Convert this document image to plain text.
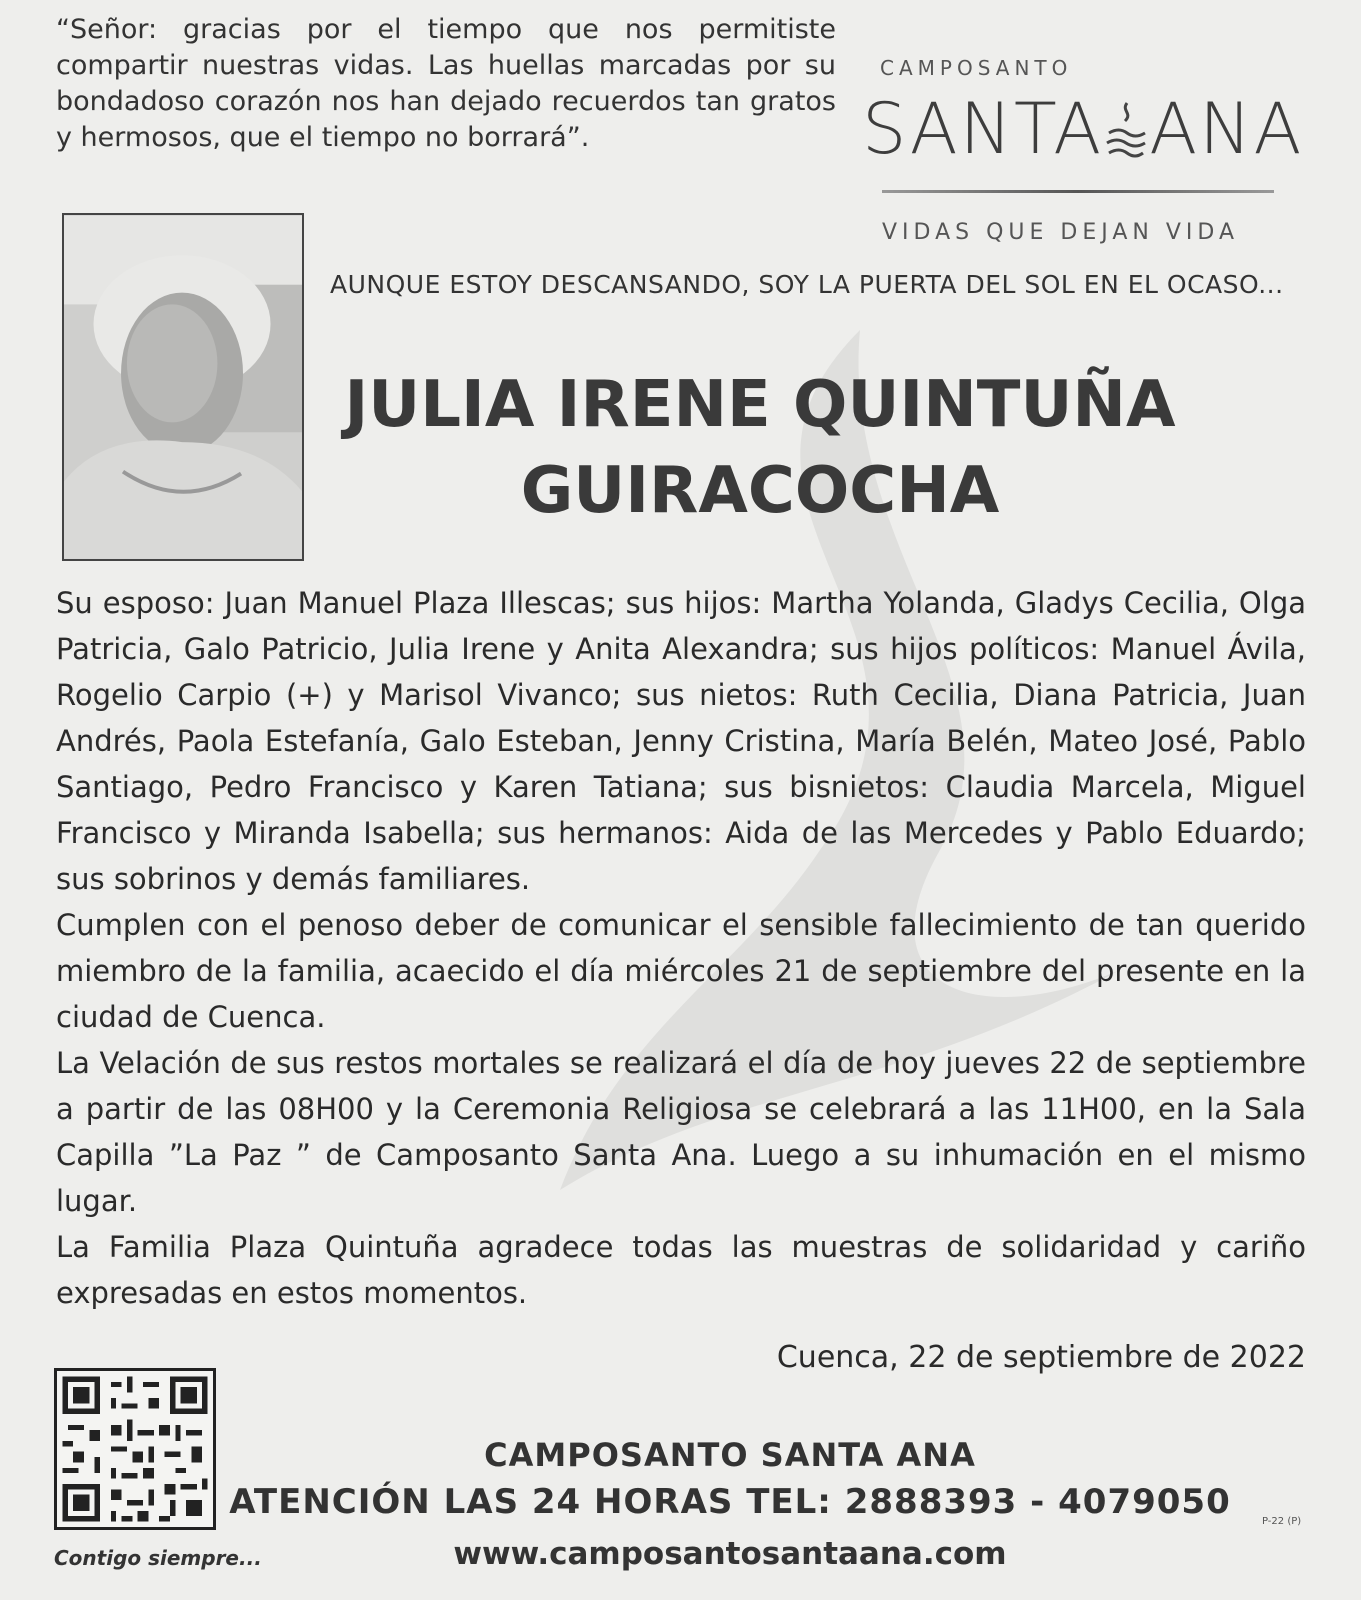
“Señor: gracias por el tiempo que nos permitiste compartir nuestras vidas. Las huellas marcadas por su bondadoso corazón nos han dejado recuerdos tan gratos y hermosos, que el tiempo no borrará”.
CAMPOSANTO
SANTA ANA
VIDAS QUE DEJAN VIDA
AUNQUE ESTOY DESCANSANDO, SOY LA PUERTA DEL SOL EN EL OCASO...
JULIA IRENE QUINTUÑA
GUIRACOCHA

Su esposo: Juan Manuel Plaza Illescas; sus hijos: Martha Yolanda, Gladys Cecilia, Olga Patricia, Galo Patricio, Julia Irene y Anita Alexandra; sus hijos políticos: Manuel Ávila, Rogelio Carpio (+) y Marisol Vivanco; sus nietos: Ruth Cecilia, Diana Patricia, Juan Andrés, Paola Estefanía, Galo Esteban, Jenny Cristina, María Belén, Mateo José, Pablo Santiago, Pedro Francisco y Karen Tatiana; sus bisnietos: Claudia Marcela, Miguel Francisco y Miranda Isabella; sus hermanos: Aida de las Mercedes y Pablo Eduardo; sus sobrinos y demás familiares.

Cumplen con el penoso deber de comunicar el sensible fallecimiento de tan querido miembro de la familia, acaecido el día miércoles 21 de septiembre del presente en la ciudad de Cuenca.

La Velación de sus restos mortales se realizará el día de hoy jueves 22 de septiembre a partir de las 08H00 y la Ceremonia Religiosa se celebrará a las 11H00, en la Sala Capilla ”La Paz ” de Camposanto Santa Ana. Luego a su inhumación en el mismo lugar.

La Familia Plaza Quintuña agradece todas las muestras de solidaridad y cariño expresadas en estos momentos.

Cuenca, 22 de septiembre de 2022
Contigo siempre...
CAMPOSANTO SANTA ANA
ATENCIÓN LAS 24 HORAS TEL: 2888393 - 4079050
www.camposantosantaana.com
P-22 (P)
